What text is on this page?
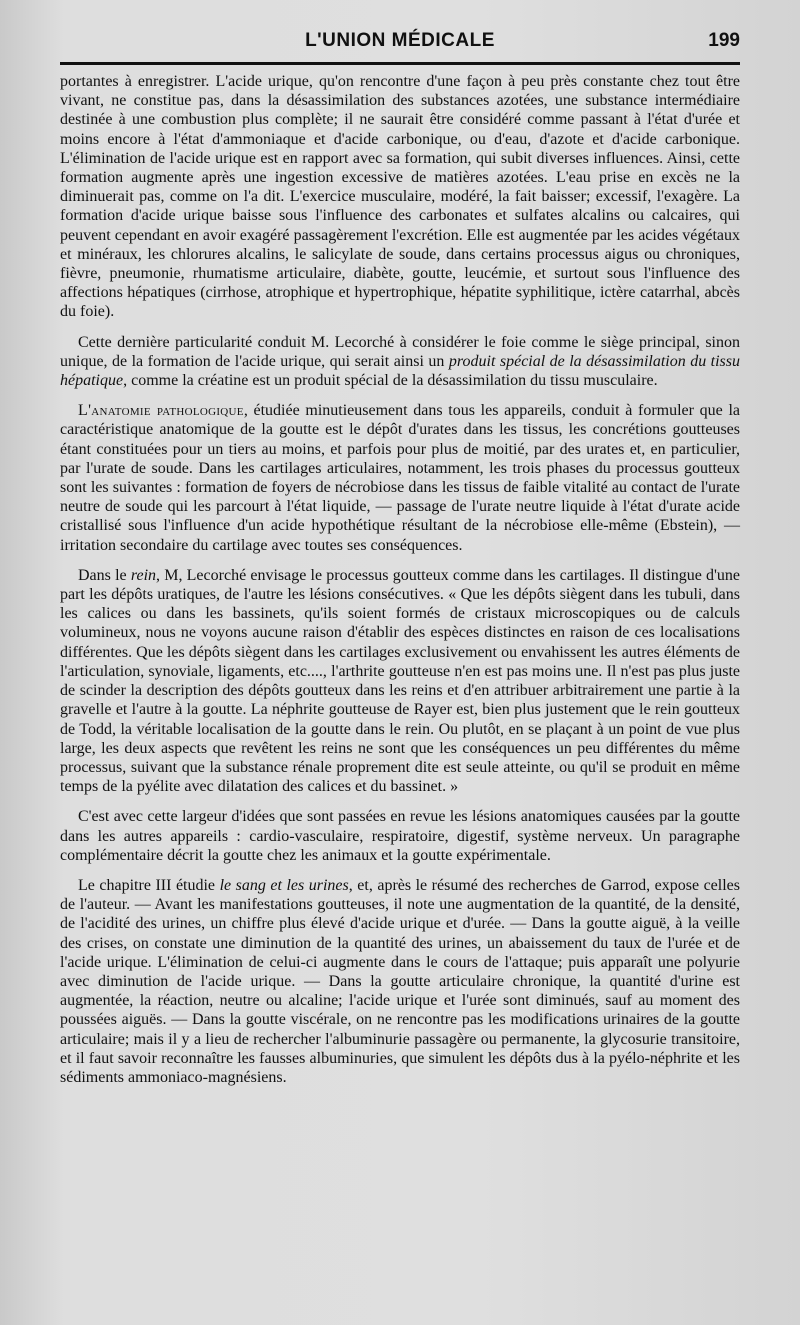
L'UNION MÉDICALE	199

portantes à enregistrer. L'acide urique, qu'on rencontre d'une façon à peu près constante chez tout être vivant, ne constitue pas, dans la désassimilation des substances azotées, une substance intermédiaire destinée à une combustion plus complète; il ne saurait être considéré comme passant à l'état d'urée et moins encore à l'état d'ammoniaque et d'acide carbonique, ou d'eau, d'azote et d'acide carbonique. L'élimination de l'acide urique est en rapport avec sa formation, qui subit diverses influences. Ainsi, cette formation augmente après une ingestion excessive de matières azotées. L'eau prise en excès ne la diminuerait pas, comme on l'a dit. L'exercice musculaire, modéré, la fait baisser; excessif, l'exagère. La formation d'acide urique baisse sous l'influence des carbonates et sulfates alcalins ou calcaires, qui peuvent cependant en avoir exagéré passagèrement l'excrétion. Elle est augmentée par les acides végétaux et minéraux, les chlorures alcalins, le salicylate de soude, dans certains processus aigus ou chroniques, fièvre, pneumonie, rhumatisme articulaire, diabète, goutte, leucémie, et surtout sous l'influence des affections hépatiques (cirrhose, atrophique et hypertrophique, hépatite syphilitique, ictère catarrhal, abcès du foie).

Cette dernière particularité conduit M. Lecorché à considérer le foie comme le siège principal, sinon unique, de la formation de l'acide urique, qui serait ainsi un produit spécial de la désassimilation du tissu hépatique, comme la créatine est un produit spécial de la désassimilation du tissu musculaire.

L'anatomie pathologique, étudiée minutieusement dans tous les appareils, conduit à formuler que la caractéristique anatomique de la goutte est le dépôt d'urates dans les tissus, les concrétions goutteuses étant constituées pour un tiers au moins, et parfois pour plus de moitié, par des urates et, en particulier, par l'urate de soude. Dans les cartilages articulaires, notamment, les trois phases du processus goutteux sont les suivantes : formation de foyers de nécrobiose dans les tissus de faible vitalité au contact de l'urate neutre de soude qui les parcourt à l'état liquide, — passage de l'urate neutre liquide à l'état d'urate acide cristallisé sous l'influence d'un acide hypothétique résultant de la nécrobiose elle-même (Ebstein), — irritation secondaire du cartilage avec toutes ses conséquences.

Dans le rein, M, Lecorché envisage le processus goutteux comme dans les cartilages. Il distingue d'une part les dépôts uratiques, de l'autre les lésions consécutives. « Que les dépôts siègent dans les tubuli, dans les calices ou dans les bassinets, qu'ils soient formés de cristaux microscopiques ou de calculs volumineux, nous ne voyons aucune raison d'établir des espèces distinctes en raison de ces localisations différentes. Que les dépôts siègent dans les cartilages exclusivement ou envahissent les autres éléments de l'articulation, synoviale, ligaments, etc...., l'arthrite goutteuse n'en est pas moins une. Il n'est pas plus juste de scinder la description des dépôts goutteux dans les reins et d'en attribuer arbitrairement une partie à la gravelle et l'autre à la goutte. La néphrite goutteuse de Rayer est, bien plus justement que le rein goutteux de Todd, la véritable localisation de la goutte dans le rein. Ou plutôt, en se plaçant à un point de vue plus large, les deux aspects que revêtent les reins ne sont que les conséquences un peu différentes du même processus, suivant que la substance rénale proprement dite est seule atteinte, ou qu'il se produit en même temps de la pyélite avec dilatation des calices et du bassinet. »

C'est avec cette largeur d'idées que sont passées en revue les lésions anatomiques causées par la goutte dans les autres appareils : cardio-vasculaire, respiratoire, digestif, système nerveux. Un paragraphe complémentaire décrit la goutte chez les animaux et la goutte expérimentale.

Le chapitre III étudie le sang et les urines, et, après le résumé des recherches de Garrod, expose celles de l'auteur. — Avant les manifestations goutteuses, il note une augmentation de la quantité, de la densité, de l'acidité des urines, un chiffre plus élevé d'acide urique et d'urée. — Dans la goutte aiguë, à la veille des crises, on constate une diminution de la quantité des urines, un abaissement du taux de l'urée et de l'acide urique. L'élimination de celui-ci augmente dans le cours de l'attaque; puis apparaît une polyurie avec diminution de l'acide urique. — Dans la goutte articulaire chronique, la quantité d'urine est augmentée, la réaction, neutre ou alcaline; l'acide urique et l'urée sont diminués, sauf au moment des poussées aiguës. — Dans la goutte viscérale, on ne rencontre pas les modifications urinaires de la goutte articulaire; mais il y a lieu de rechercher l'albuminurie passagère ou permanente, la glycosurie transitoire, et il faut savoir reconnaître les fausses albuminuries, que simulent les dépôts dus à la pyélo-néphrite et les sédiments ammoniaco-magnésiens.
